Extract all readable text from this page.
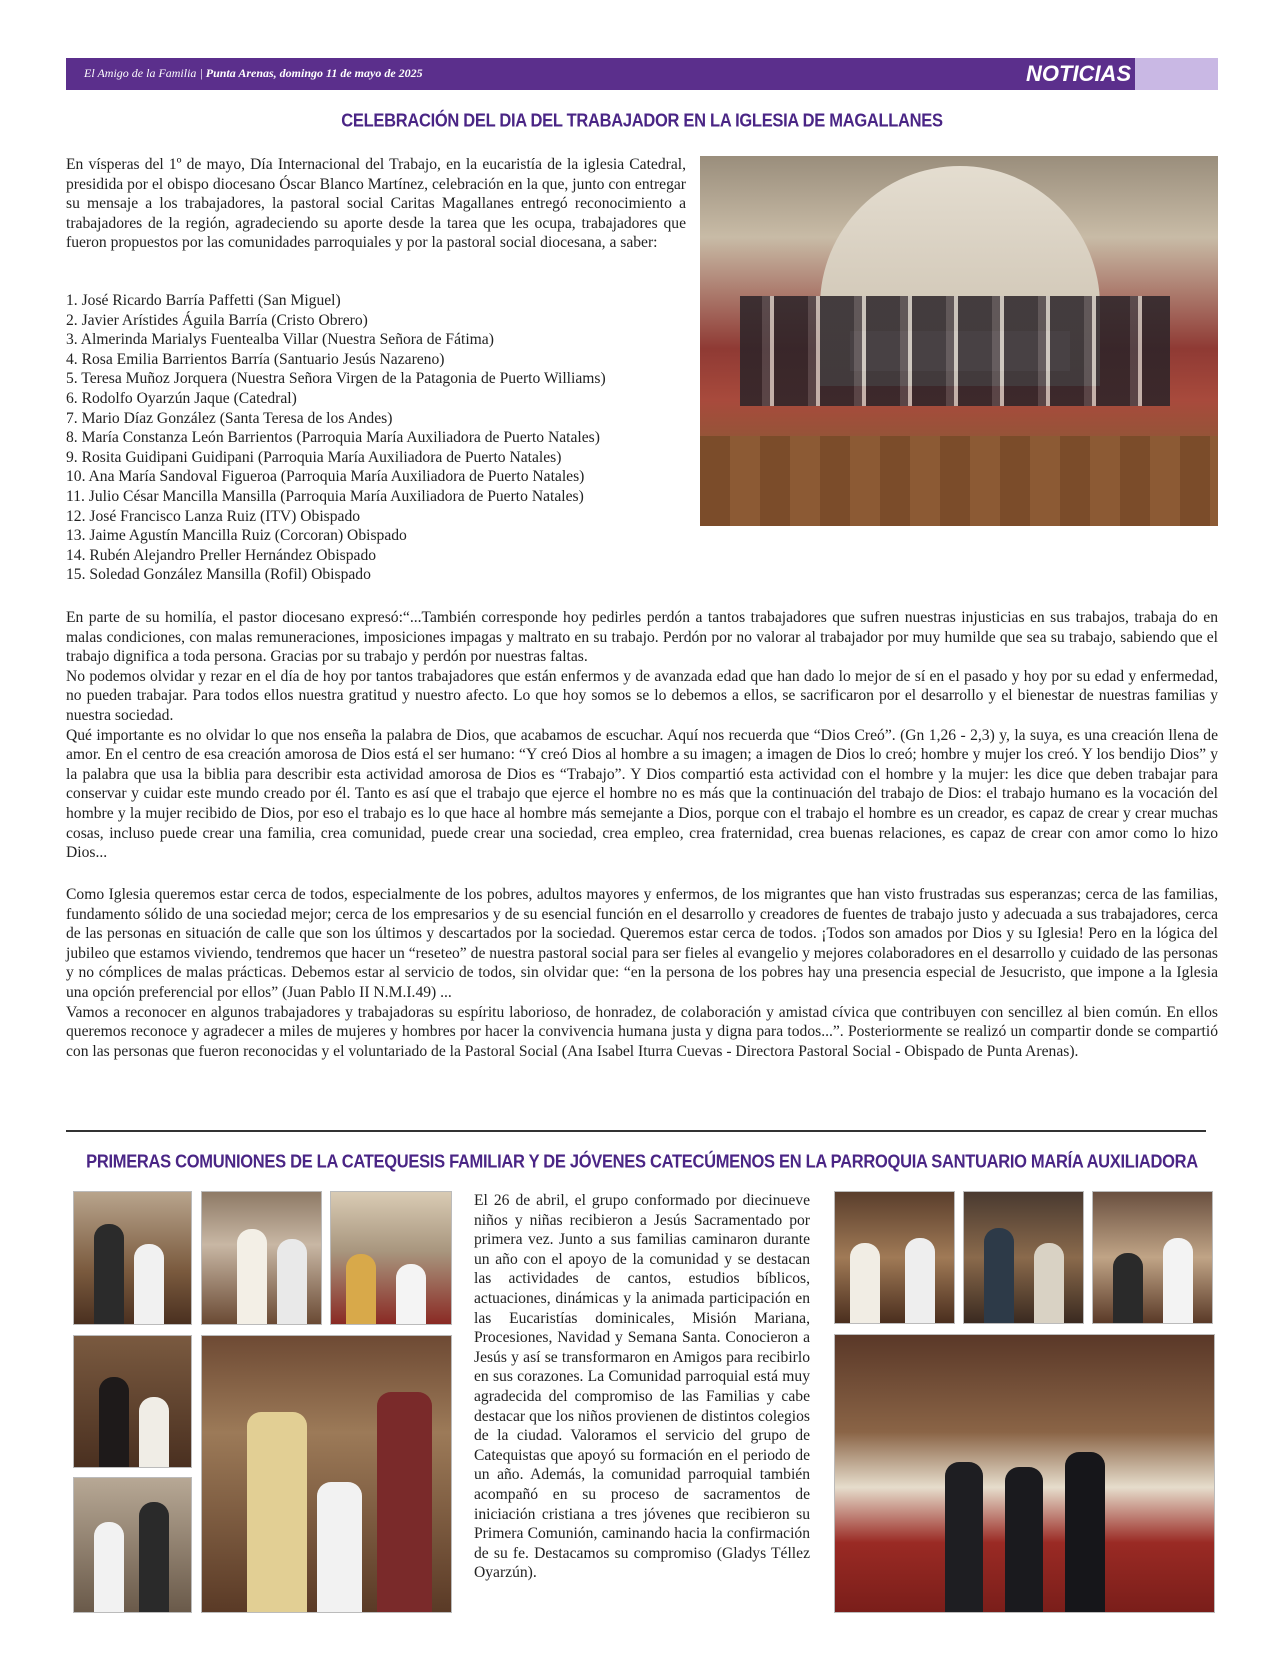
El Amigo de la Familia | Punta Arenas, domingo 11 de mayo de 2025	NOTICIAS
CELEBRACIÓN DEL DIA DEL TRABAJADOR EN LA IGLESIA DE MAGALLANES
En vísperas del 1º de mayo, Día Internacional del Trabajo, en la eucaristía de la iglesia Catedral, presidida por el obispo diocesano Óscar Blanco Martínez, celebración en la que, junto con entregar su mensaje a los trabajadores, la pastoral social Caritas Magallanes entregó reconocimiento a trabajadores de la región, agradeciendo su aporte desde la tarea que les ocupa, trabajadores que fueron propuestos por las comunidades parroquiales y por la pastoral social diocesana, a saber:
1. José Ricardo Barría Paffetti (San Miguel)
2. Javier Arístides Águila Barría (Cristo Obrero)
3. Almerinda Marialys Fuentealba Villar (Nuestra Señora de Fátima)
4. Rosa Emilia Barrientos Barría (Santuario Jesús Nazareno)
5. Teresa Muñoz Jorquera (Nuestra Señora Virgen de la Patagonia de Puerto Williams)
6. Rodolfo Oyarzún Jaque (Catedral)
7. Mario Díaz González (Santa Teresa de los Andes)
8. María Constanza León Barrientos (Parroquia María Auxiliadora de Puerto Natales)
9. Rosita Guidipani Guidipani (Parroquia María Auxiliadora de Puerto Natales)
10. Ana María Sandoval Figueroa (Parroquia María Auxiliadora de Puerto Natales)
11. Julio César Mancilla Mansilla (Parroquia María Auxiliadora de Puerto Natales)
12. José Francisco Lanza Ruiz (ITV) Obispado
13. Jaime Agustín Mancilla Ruiz (Corcoran) Obispado
14. Rubén Alejandro Preller Hernández Obispado
15. Soledad González Mansilla (Rofil) Obispado
En parte de su homilía, el pastor diocesano expresó:“...También corresponde hoy pedirles perdón a tantos trabajadores que sufren nuestras injusticias en sus trabajos, trabaja do en malas condiciones, con malas remuneraciones, imposiciones impagas y maltrato en su trabajo. Perdón por no valorar al trabajador por muy humilde que sea su trabajo, sabiendo que el trabajo dignifica a toda persona. Gracias por su trabajo y perdón por nuestras faltas.
No podemos olvidar y rezar en el día de hoy por tantos trabajadores que están enfermos y de avanzada edad que han dado lo mejor de sí en el pasado y hoy por su edad y enfermedad, no pueden trabajar. Para todos ellos nuestra gratitud y nuestro afecto. Lo que hoy somos se lo debemos a ellos, se sacrificaron por el desarrollo y el bienestar de nuestras familias y nuestra sociedad.
Qué importante es no olvidar lo que nos enseña la palabra de Dios, que acabamos de escuchar. Aquí nos recuerda que “Dios Creó”. (Gn 1,26 - 2,3) y, la suya, es una creación llena de amor. En el centro de esa creación amorosa de Dios está el ser humano: “Y creó Dios al hombre a su imagen; a imagen de Dios lo creó; hombre y mujer los creó. Y los bendijo Dios” y la palabra que usa la biblia para describir esta actividad amorosa de Dios es “Trabajo”. Y Dios compartió esta actividad con el hombre y la mujer: les dice que deben trabajar para conservar y cuidar este mundo creado por él. Tanto es así que el trabajo que ejerce el hombre no es más que la continuación del trabajo de Dios: el trabajo humano es la vocación del hombre y la mujer recibido de Dios, por eso el trabajo es lo que hace al hombre más semejante a Dios, porque con el trabajo el hombre es un creador, es capaz de crear y crear muchas cosas, incluso puede crear una familia, crea comunidad, puede crear una sociedad, crea empleo, crea fraternidad, crea buenas relaciones, es capaz de crear con amor como lo hizo Dios...
Como Iglesia queremos estar cerca de todos, especialmente de los pobres, adultos mayores y enfermos, de los migrantes que han visto frustradas sus esperanzas; cerca de las familias, fundamento sólido de una sociedad mejor; cerca de los empresarios y de su esencial función en el desarrollo y creadores de fuentes de trabajo justo y adecuada a sus trabajadores, cerca de las personas en situación de calle que son los últimos y descartados por la sociedad. Queremos estar cerca de todos. ¡Todos son amados por Dios y su Iglesia! Pero en la lógica del jubileo que estamos viviendo, tendremos que hacer un “reseteo” de nuestra pastoral social para ser fieles al evangelio y mejores colaboradores en el desarrollo y cuidado de las personas y no cómplices de malas prácticas. Debemos estar al servicio de todos, sin olvidar que: “en la persona de los pobres hay una presencia especial de Jesucristo, que impone a la Iglesia una opción preferencial por ellos” (Juan Pablo II N.M.I.49) ...
Vamos a reconocer en algunos trabajadores y trabajadoras su espíritu laborioso, de honradez, de colaboración y amistad cívica que contribuyen con sencillez al bien común. En ellos queremos reconoce y agradecer a miles de mujeres y hombres por hacer la convivencia humana justa y digna para todos...”. Posteriormente se realizó un compartir donde se compartió con las personas que fueron reconocidas y el voluntariado de la Pastoral Social (Ana Isabel Iturra Cuevas - Directora Pastoral Social - Obispado de Punta Arenas).
PRIMERAS COMUNIONES DE LA CATEQUESIS FAMILIAR Y DE JÓVENES CATECÚMENOS EN LA PARROQUIA SANTUARIO MARÍA AUXILIADORA
El 26 de abril, el grupo conformado por diecinueve niños y niñas recibieron a Jesús Sacramentado por primera vez. Junto a sus familias caminaron durante un año con el apoyo de la comunidad y se destacan las actividades de cantos, estudios bíblicos, actuaciones, dinámicas y la animada participación en las Eucaristías dominicales, Misión Mariana, Procesiones, Navidad y Semana Santa. Conocieron a Jesús y así se transformaron en Amigos para recibirlo en sus corazones. La Comunidad parroquial está muy agradecida del compromiso de las Familias y cabe destacar que los niños provienen de distintos colegios de la ciudad. Valoramos el servicio del grupo de Catequistas que apoyó su formación en el periodo de un año. Además, la comunidad parroquial también acompañó en su proceso de sacramentos de iniciación cristiana a tres jóvenes que recibieron su Primera Comunión, caminando hacia la confirmación de su fe. Destacamos su compromiso (Gladys Téllez Oyarzún).
